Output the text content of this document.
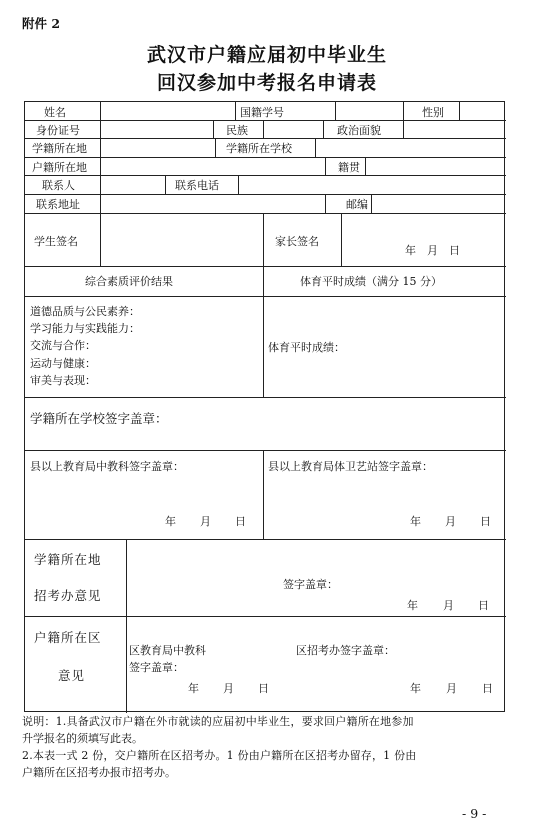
附件 2
武汉市户籍应届初中毕业生
回汉参加中考报名申请表
姓名	国籍学号	性别
身份证号	民族	政治面貌
学籍所在地	学籍所在学校
户籍所在地	籍贯
联系人	联系电话
联系地址	邮编
学生签名	家长签名
年　月　日
综合素质评价结果	体育平时成绩（满分 15 分）
道德品质与公民素养：
学习能力与实践能力：
交流与合作：
运动与健康：
审美与表现：
体育平时成绩：
学籍所在学校签字盖章：
县以上教育局中教科签字盖章：	县以上教育局体卫艺站签字盖章：
年 月 日	年 月 日
学籍所在地
招考办意见
签字盖章：
年 月 日
户籍所在区
意见
区教育局中教科
签字盖章：
区招考办签字盖章：
年 月 日	年 月 日
说明：1.具备武汉市户籍在外市就读的应届初中毕业生，要求回户籍所在地参加
升学报名的须填写此表。
2.本表一式 2 份，交户籍所在区招考办。1 份由户籍所在区招考办留存，1 份由
户籍所在区招考办报市招考办。
- 9 -
